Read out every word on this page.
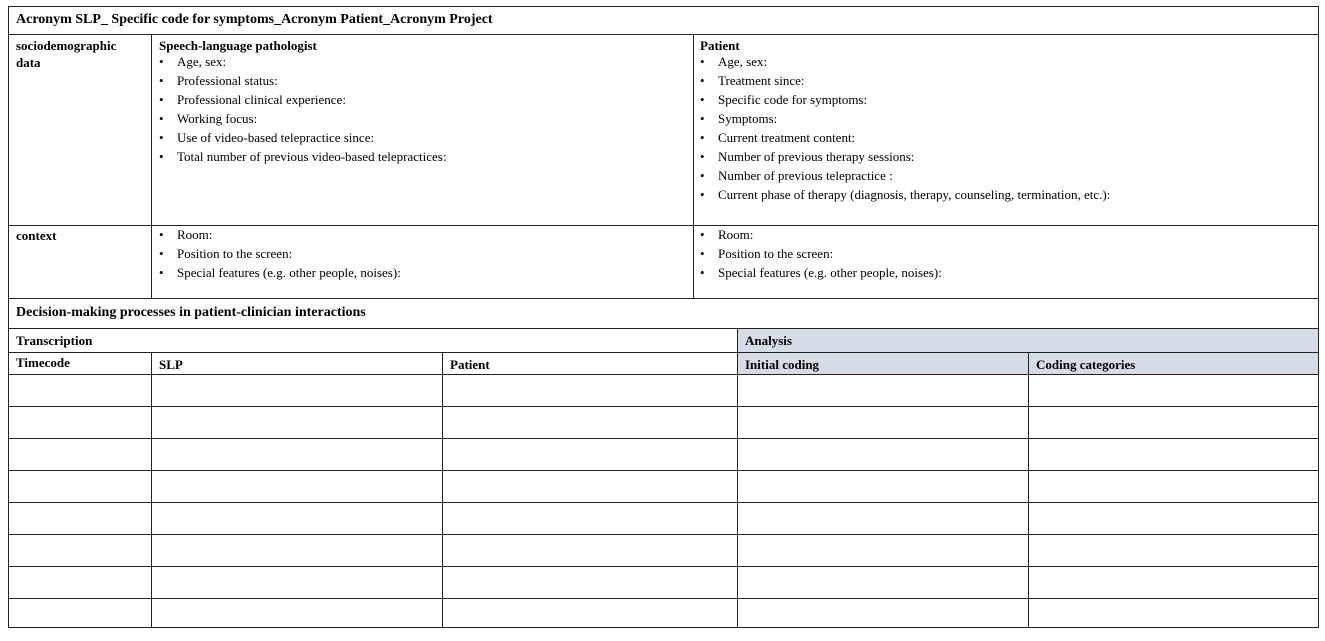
Acronym SLP_ Specific code for symptoms_Acronym Patient_Acronym Project
sociodemographic
data
Speech-language pathologist
• Age, sex:
• Professional status:
• Professional clinical experience:
• Working focus:
• Use of video-based telepractice since:
• Total number of previous video-based telepractices:
Patient
• Age, sex:
• Treatment since:
• Specific code for symptoms:
• Symptoms:
• Current treatment content:
• Number of previous therapy sessions:
• Number of previous telepractice :
• Current phase of therapy (diagnosis, therapy, counseling, termination, etc.):
context
•	Room:
• Position to the screen:
• Special features (e.g. other people, noises):
• Room:
• Position to the screen:
• Special features (e.g. other people, noises):
Decision-making processes in patient-clinician interactions
Transcription	Analysis
Timecode	SLP	Patient	Initial coding	Coding categories
